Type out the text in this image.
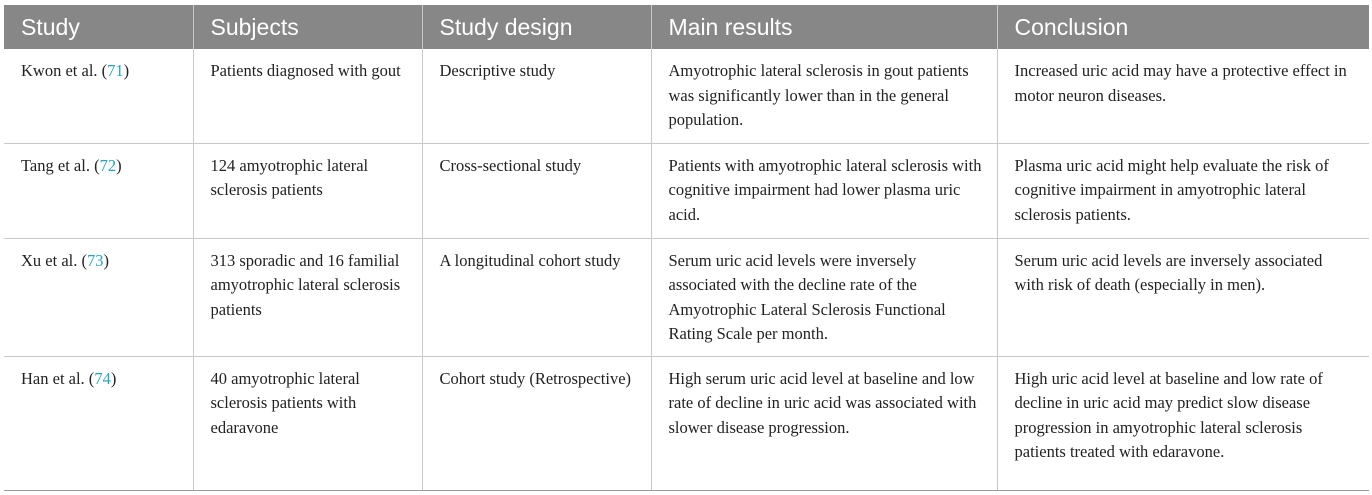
Study	Subjects	Study design	Main results	Conclusion
Kwon et al. (71)	Patients diagnosed with gout	Descriptive study	Amyotrophic lateral sclerosis in gout patients was significantly lower than in the general population.	Increased uric acid may have a protective effect in motor neuron diseases.
Tang et al. (72)	124 amyotrophic lateral sclerosis patients	Cross-sectional study	Patients with amyotrophic lateral sclerosis with cognitive impairment had lower plasma uric acid.	Plasma uric acid might help evaluate the risk of cognitive impairment in amyotrophic lateral sclerosis patients.
Xu et al. (73)	313 sporadic and 16 familial amyotrophic lateral sclerosis patients	A longitudinal cohort study	Serum uric acid levels were inversely associated with the decline rate of the Amyotrophic Lateral Sclerosis Functional Rating Scale per month.	Serum uric acid levels are inversely associated with risk of death (especially in men).
Han et al. (74)	40 amyotrophic lateral sclerosis patients with edaravone	Cohort study (Retrospective)	High serum uric acid level at baseline and low rate of decline in uric acid was associated with slower disease progression.	High uric acid level at baseline and low rate of decline in uric acid may predict slow disease progression in amyotrophic lateral sclerosis patients treated with edaravone.
